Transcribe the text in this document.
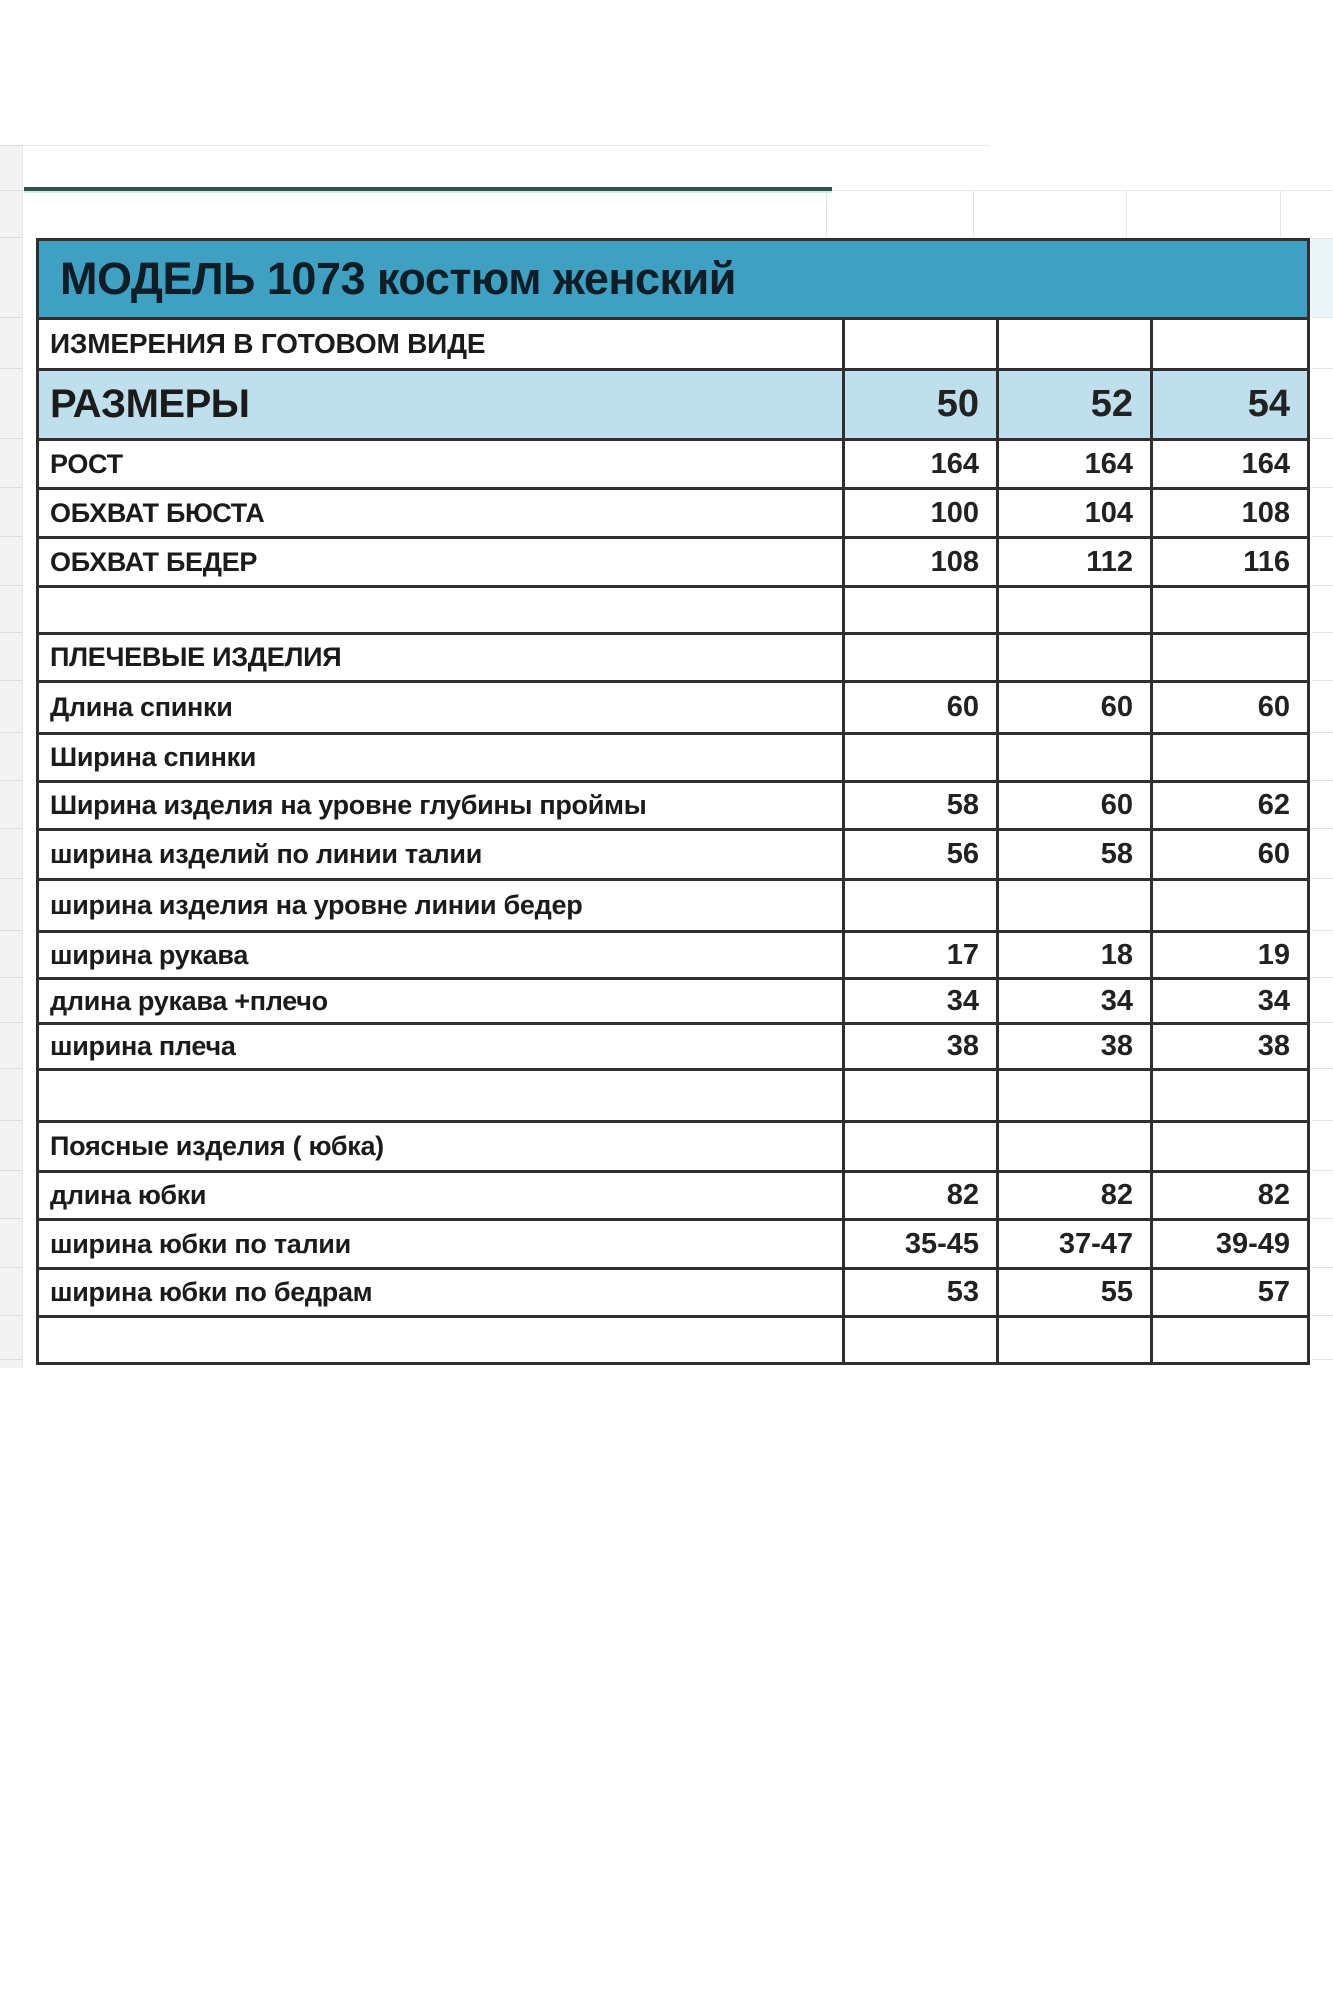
МОДЕЛЬ 1073 костюм женский
ИЗМЕРЕНИЯ В ГОТОВОМ ВИДЕ
РАЗМЕРЫ	50	52	54
РОСТ	164	164	164
ОБХВАТ БЮСТА	100	104	108
ОБХВАТ БЕДЕР	108	112	116
ПЛЕЧЕВЫЕ ИЗДЕЛИЯ
Длина спинки	60	60	60
Ширина спинки
Ширина изделия на уровне глубины проймы	58	60	62
ширина изделий по линии талии	56	58	60
ширина изделия на уровне линии бедер
ширина рукава	17	18	19
длина рукава +плечо	34	34	34
ширина плеча	38	38	38
Поясные изделия ( юбка)
длина юбки	82	82	82
ширина юбки по талии	35-45	37-47	39-49
ширина юбки по бедрам	53	55	57
